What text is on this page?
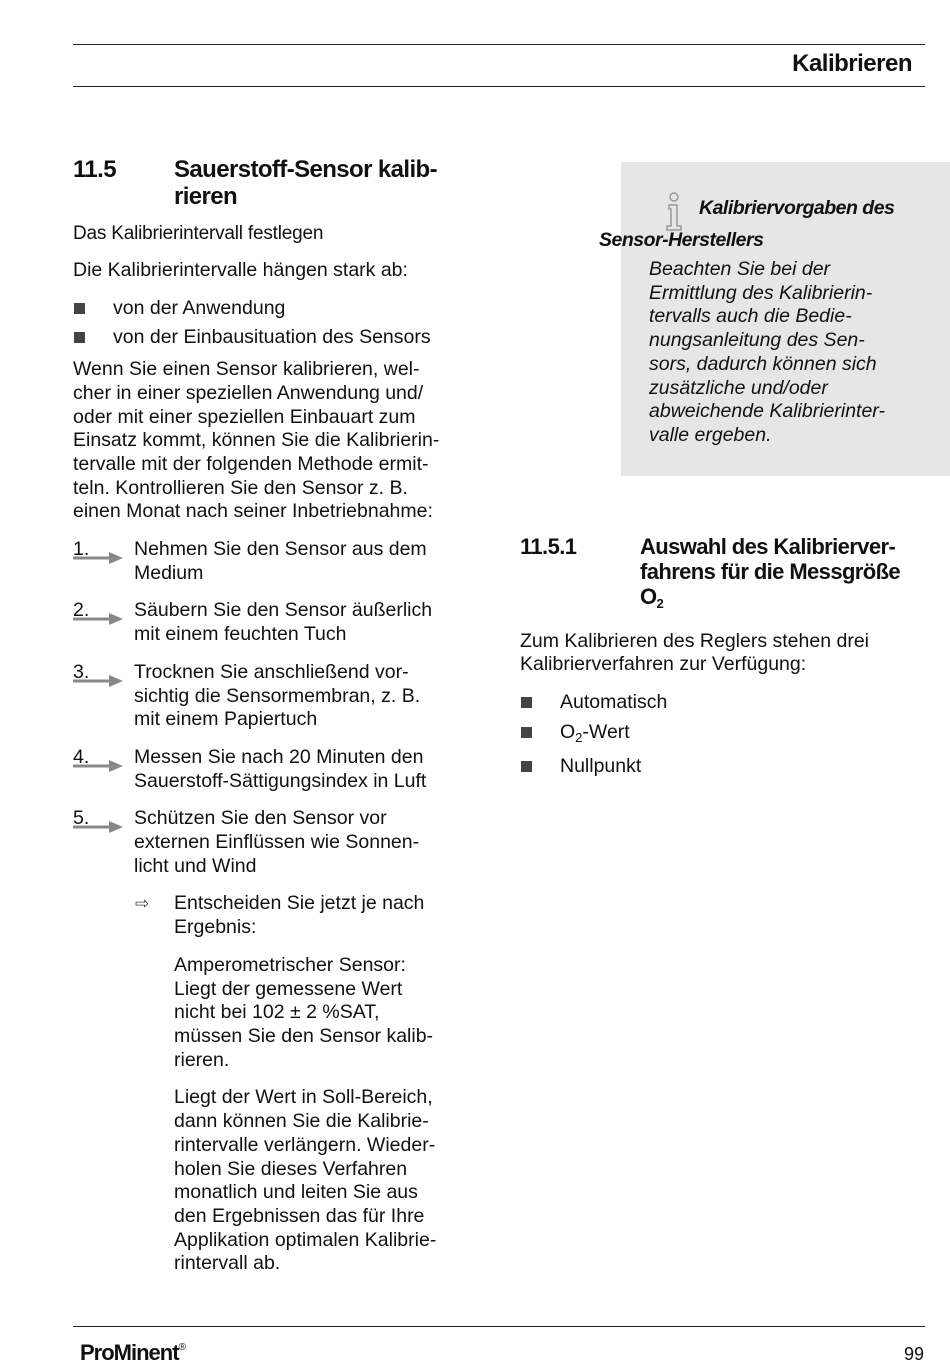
Kalibrieren
11.5	Sauerstoff-Sensor kalib-
rieren
Das Kalibrierintervall festlegen

Die Kalibrierintervalle hängen stark ab:

von der Anwendung
von der Einbausituation des Sensors

Wenn Sie einen Sensor kalibrieren, wel-
cher in einer speziellen Anwendung und/
oder mit einer speziellen Einbauart zum
Einsatz kommt, können Sie die Kalibrierin-
tervalle mit der folgenden Methode ermit-
teln. Kontrollieren Sie den Sensor z. B.
einen Monat nach seiner Inbetriebnahme:

1. Nehmen Sie den Sensor aus dem
Medium
2. Säubern Sie den Sensor äußerlich
mit einem feuchten Tuch
3. Trocknen Sie anschließend vor-
sichtig die Sensormembran, z. B.
mit einem Papiertuch
4. Messen Sie nach 20 Minuten den
Sauerstoff-Sättigungsindex in Luft
5. Schützen Sie den Sensor vor
externen Einflüssen wie Sonnen-
licht und Wind
⇨ Entscheiden Sie jetzt je nach
Ergebnis:

Amperometrischer Sensor:
Liegt der gemessene Wert
nicht bei 102 ± 2 %SAT,
müssen Sie den Sensor kalib-
rieren.

Liegt der Wert in Soll-Bereich,
dann können Sie die Kalibrie-
rintervalle verlängern. Wieder-
holen Sie dieses Verfahren
monatlich und leiten Sie aus
den Ergebnissen das für Ihre
Applikation optimalen Kalibrie-
rintervall ab.

Kalibriervorgaben des
Sensor-Herstellers
Beachten Sie bei der
Ermittlung des Kalibrierin-
tervalls auch die Bedie-
nungsanleitung des Sen-
sors, dadurch können sich
zusätzliche und/oder
abweichende Kalibrierinter-
valle ergeben.
11.5.1	Auswahl des Kalibrierver-
fahrens für die Messgröße
$O_2$

Zum Kalibrieren des Reglers stehen drei
Kalibrierverfahren zur Verfügung:

Automatisch
$O_2$-Wert
Nullpunkt
ProMinent®	99
